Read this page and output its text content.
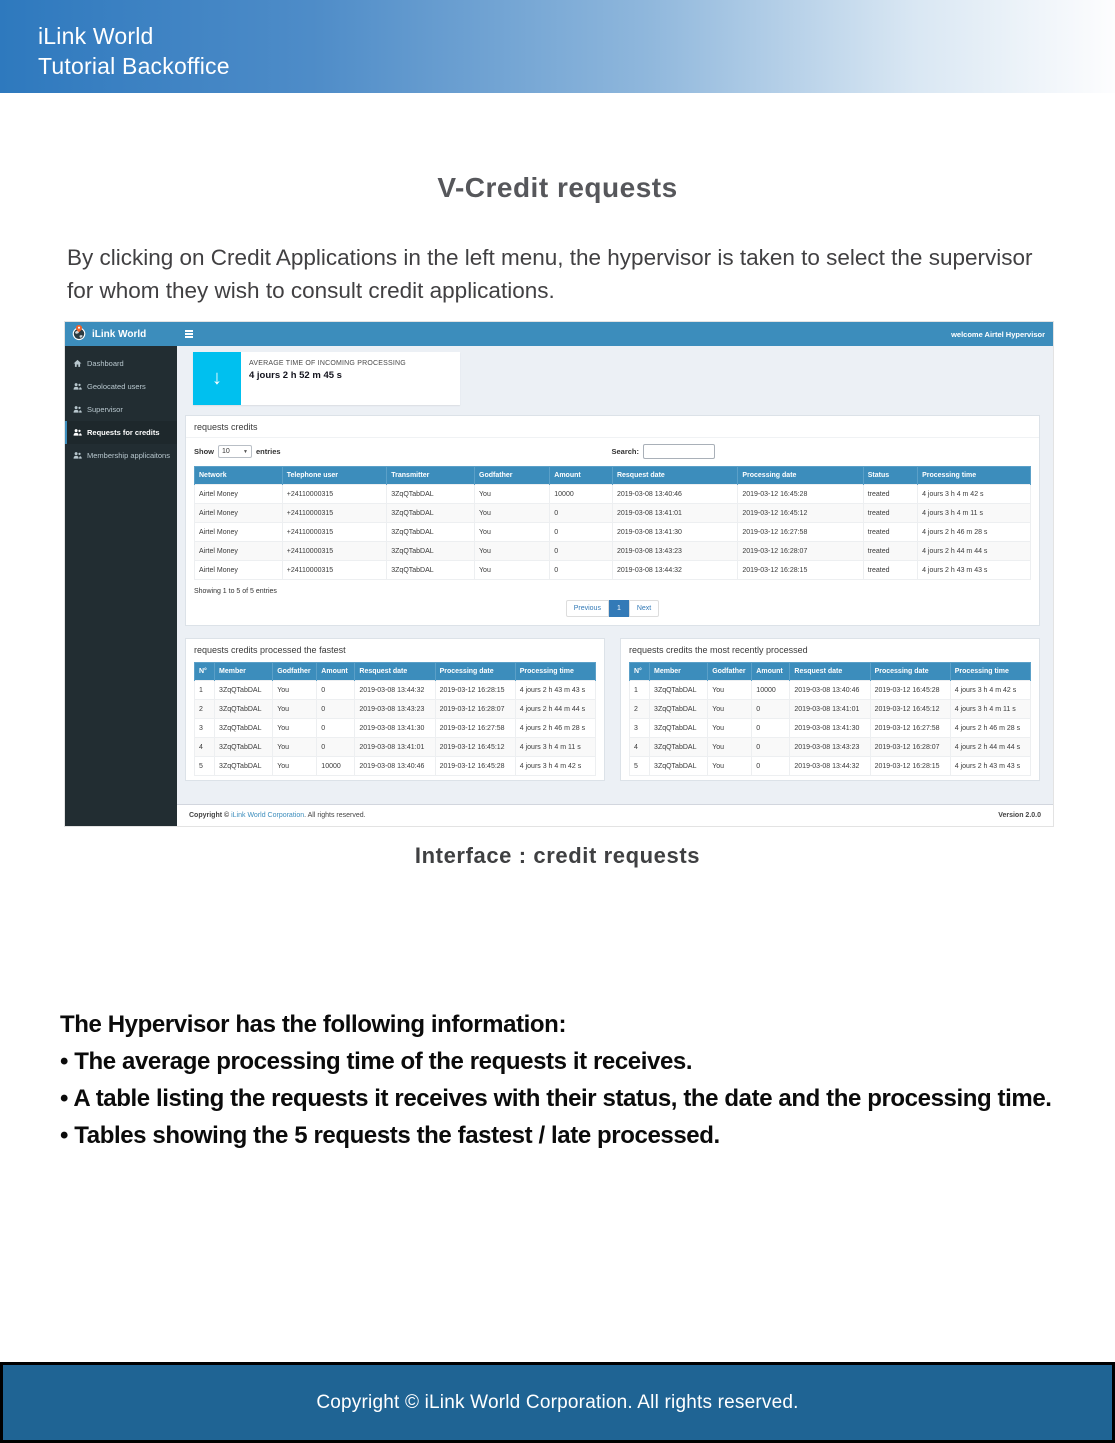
iLink World
Tutorial Backoffice
V-Credit requests

By clicking on Credit Applications in the left menu, the hypervisor is taken to select the supervisor for whom they wish to consult credit applications.

iLink World	welcome Airtel Hypervisor
Dashboard
Geolocated users
Supervisor
Requests for credits
Membership applicaitons
↓
AVERAGE TIME OF INCOMING PROCESSING
4 jours 2 h 52 m 45 s
requests credits
Show 10	▼ entries	Search:
Network	Telephone user	Transmitter	Godfather	Amount	Resquest date	Processing date	Status	Processing time
Airtel Money	+24110000315	3ZqQTabDAL	You	10000	2019-03-08 13:40:46	2019-03-12 16:45:28	treated	4 jours 3 h 4 m 42 s
Airtel Money	+24110000315	3ZqQTabDAL	You	0	2019-03-08 13:41:01	2019-03-12 16:45:12	treated	4 jours 3 h 4 m 11 s
Airtel Money	+24110000315	3ZqQTabDAL	You	0	2019-03-08 13:41:30	2019-03-12 16:27:58	treated	4 jours 2 h 46 m 28 s
Airtel Money	+24110000315	3ZqQTabDAL	You	0	2019-03-08 13:43:23	2019-03-12 16:28:07	treated	4 jours 2 h 44 m 44 s
Airtel Money	+24110000315	3ZqQTabDAL	You	0	2019-03-08 13:44:32	2019-03-12 16:28:15	treated	4 jours 2 h 43 m 43 s
Showing 1 to 5 of 5 entries
Previous	1	Next
requests credits processed the fastest
N°	Member	Godfather	Amount	Resquest date	Processing date	Processing time
1	3ZqQTabDAL	You	0	2019-03-08 13:44:32	2019-03-12 16:28:15	4 jours 2 h 43 m 43 s
2	3ZqQTabDAL	You	0	2019-03-08 13:43:23	2019-03-12 16:28:07	4 jours 2 h 44 m 44 s
3	3ZqQTabDAL	You	0	2019-03-08 13:41:30	2019-03-12 16:27:58	4 jours 2 h 46 m 28 s
4	3ZqQTabDAL	You	0	2019-03-08 13:41:01	2019-03-12 16:45:12	4 jours 3 h 4 m 11 s
5	3ZqQTabDAL	You	10000	2019-03-08 13:40:46	2019-03-12 16:45:28	4 jours 3 h 4 m 42 s
requests credits the most recently processed
N°	Member	Godfather	Amount	Resquest date	Processing date	Processing time
1	3ZqQTabDAL	You	10000	2019-03-08 13:40:46	2019-03-12 16:45:28	4 jours 3 h 4 m 42 s
2	3ZqQTabDAL	You	0	2019-03-08 13:41:01	2019-03-12 16:45:12	4 jours 3 h 4 m 11 s
3	3ZqQTabDAL	You	0	2019-03-08 13:41:30	2019-03-12 16:27:58	4 jours 2 h 46 m 28 s
4	3ZqQTabDAL	You	0	2019-03-08 13:43:23	2019-03-12 16:28:07	4 jours 2 h 44 m 44 s
5	3ZqQTabDAL	You	0	2019-03-08 13:44:32	2019-03-12 16:28:15	4 jours 2 h 43 m 43 s
Copyright © iLink World Corporation. All rights reserved.	Version 2.0.0
Interface : credit requests
The Hypervisor has the following information:
• The average processing time of the requests it receives.
• A table listing the requests it receives with their status, the date and the processing time.
• Tables showing the 5 requests the fastest / late processed.
Copyright © iLink World Corporation. All rights reserved.
